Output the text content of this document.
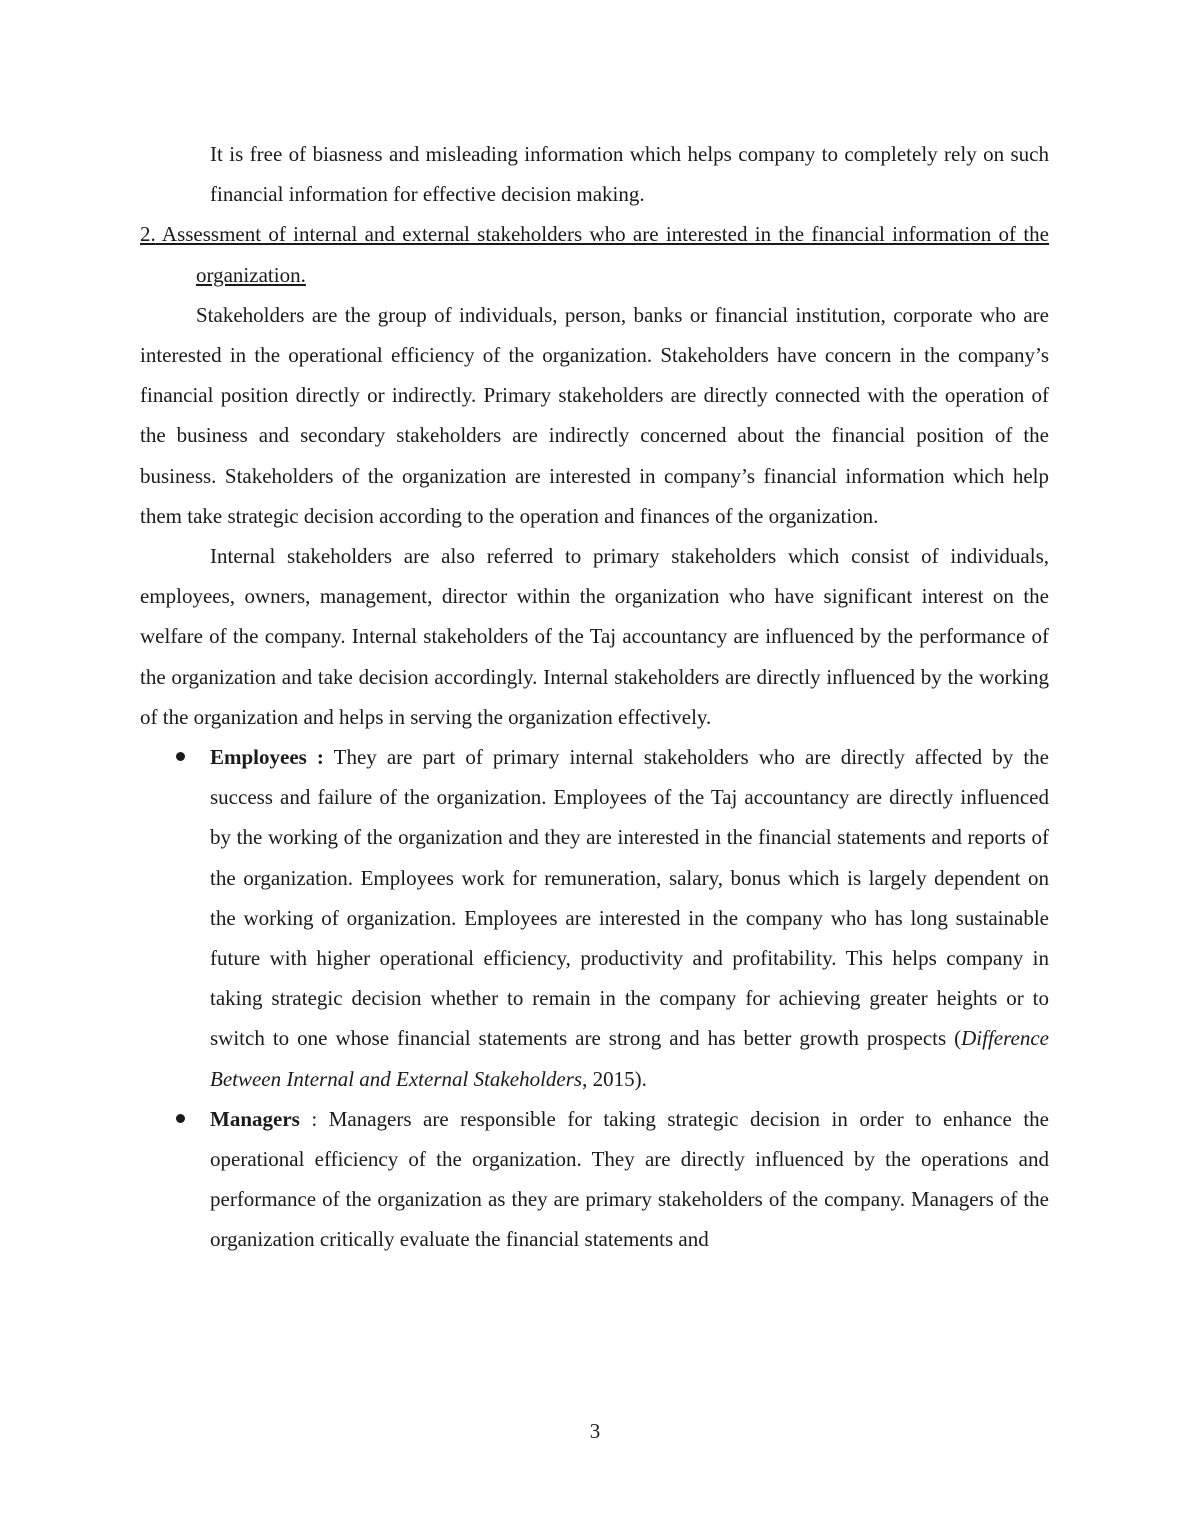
It is free of biasness and misleading information which helps company to completely rely on such financial information for effective decision making.

2. Assessment of internal and external stakeholders who are interested in the financial information of the organization.

Stakeholders are the group of individuals, person, banks or financial institution, corporate who are interested in the operational efficiency of the organization. Stakeholders have concern in the company’s financial position directly or indirectly. Primary stakeholders are directly connected with the operation of the business and secondary stakeholders are indirectly concerned about the financial position of the business. Stakeholders of the organization are interested in company’s financial information which help them take strategic decision according to the operation and finances of the organization.

Internal stakeholders are also referred to primary stakeholders which consist of individuals, employees, owners, management, director within the organization who have significant interest on the welfare of the company. Internal stakeholders of the Taj accountancy are influenced by the performance of the organization and take decision accordingly. Internal stakeholders are directly influenced by the working of the organization and helps in serving the organization effectively.

Employees : They are part of primary internal stakeholders who are directly affected by the success and failure of the organization. Employees of the Taj accountancy are directly influenced by the working of the organization and they are interested in the financial statements and reports of the organization. Employees work for remuneration, salary, bonus which is largely dependent on the working of organization. Employees are interested in the company who has long sustainable future with higher operational efficiency, productivity and profitability. This helps company in taking strategic decision whether to remain in the company for achieving greater heights or to switch to one whose financial statements are strong and has better growth prospects (Difference Between Internal and External Stakeholders, 2015).
Managers : Managers are responsible for taking strategic decision in order to enhance the operational efficiency of the organization. They are directly influenced by the operations and performance of the organization as they are primary stakeholders of the company. Managers of the organization critically evaluate the financial statements and
3
